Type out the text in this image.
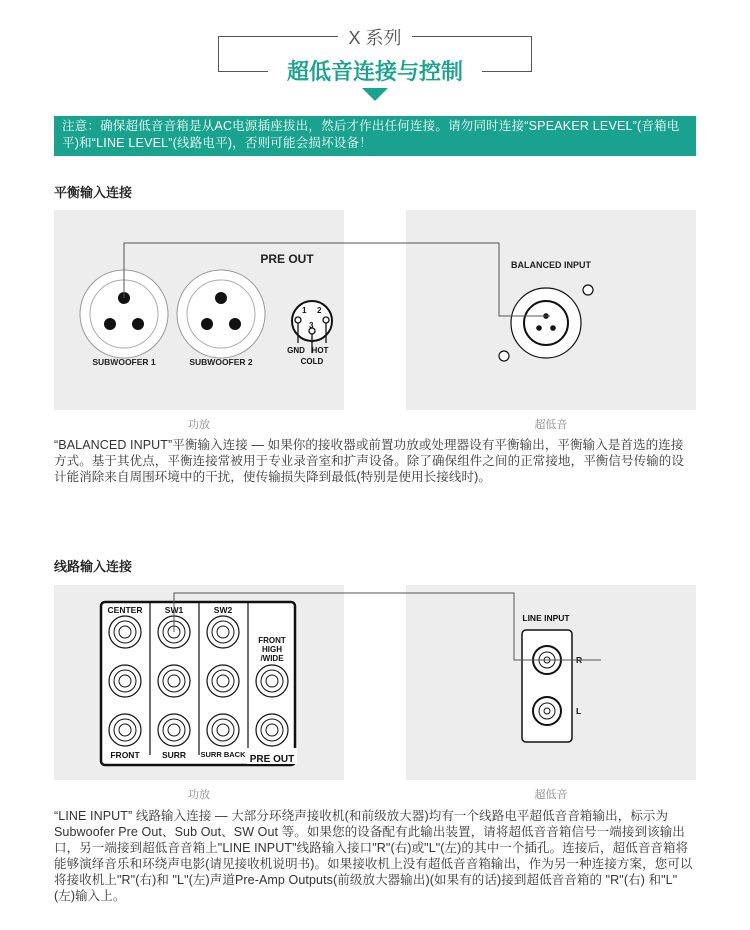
X 系列
超低音连接与控制
注意：确保超低音音箱是从AC电源插座拔出，然后才作出任何连接。请勿同时连接“SPEAKER LEVEL”(音箱电平)和“LINE LEVEL”(线路电平)，否则可能会损坏设备！
平衡输入连接
PRE OUT
SUBWOOFER 1	SUBWOOFER 2
1 2
3
GND HOT
COLD
BALANCED INPUT
功放	超低音
“BALANCED INPUT”平衡输入连接 — 如果你的接收器或前置功放或处理器设有平衡输出，平衡输入是首选的连接方式。基于其优点，平衡连接常被用于专业录音室和扩声设备。除了确保组件之间的正常接地，平衡信号传输的设计能消除来自周围环境中的干扰，使传输损失降到最低(特别是使用长接线时)。
线路输入连接
CENTER	SW1	SW2
FRONT
HIGH
/WIDE
FRONT	SURR SURR BACK PRE OUT
LINE INPUT
R
L
功放	超低音
“LINE INPUT” 线路输入连接 — 大部分环绕声接收机(和前级放大器)均有一个线路电平超低音音箱输出，标示为 Subwoofer Pre Out、Sub Out、SW Out 等。如果您的设备配有此输出装置，请将超低音音箱信号一端接到该输出口，另一端接到超低音音箱上"LINE INPUT"线路输入接口"R"(右)或"L"(左)的其中一个插孔。连接后，超低音音箱将能够演绎音乐和环绕声电影(请见接收机说明书)。如果接收机上没有超低音音箱输出，作为另一种连接方案，您可以将接收机上"R"(右)和 "L"(左)声道Pre-Amp Outputs(前级放大器输出)(如果有的话)接到超低音音箱的 "R"(右) 和"L"(左)输入上。
